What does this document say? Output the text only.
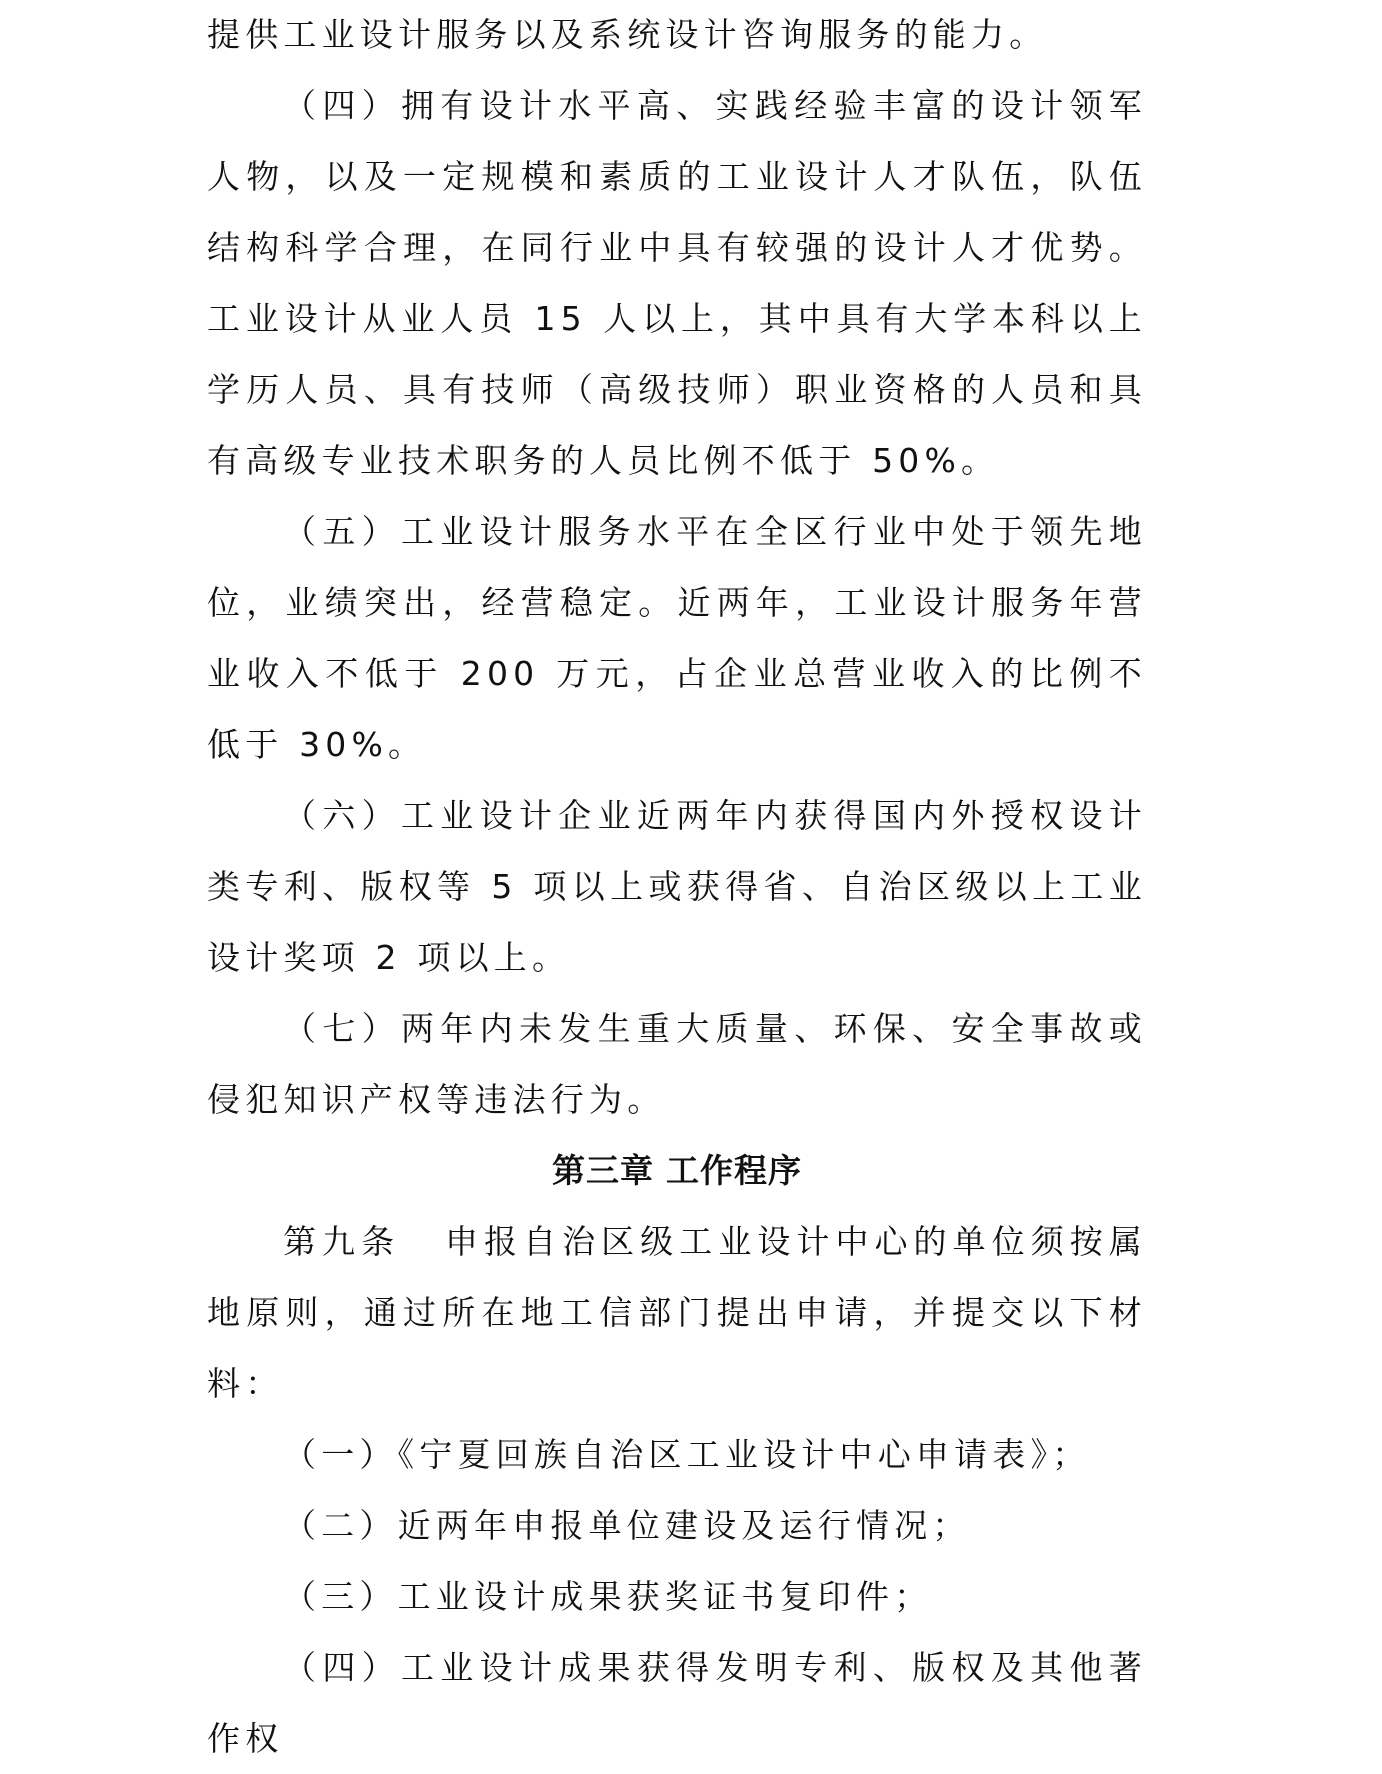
提供工业设计服务以及系统设计咨询服务的能力。

（四）拥有设计水平高、实践经验丰富的设计领军人物，以及一定规模和素质的工业设计人才队伍，队伍结构科学合理，在同行业中具有较强的设计人才优势。工业设计从业人员 15 人以上，其中具有大学本科以上学历人员、具有技师（高级技师）职业资格的人员和具有高级专业技术职务的人员比例不低于 50%。

（五）工业设计服务水平在全区行业中处于领先地位，业绩突出，经营稳定。近两年，工业设计服务年营业收入不低于 200 万元，占企业总营业收入的比例不低于 30%。

（六）工业设计企业近两年内获得国内外授权设计类专利、版权等 5 项以上或获得省、自治区级以上工业设计奖项 2 项以上。

（七）两年内未发生重大质量、环保、安全事故或侵犯知识产权等违法行为。

第三章 工作程序

第九条 申报自治区级工业设计中心的单位须按属地原则，通过所在地工信部门提出申请，并提交以下材料：

（一）《宁夏回族自治区工业设计中心申请表》；

（二）近两年申报单位建设及运行情况；

（三）工业设计成果获奖证书复印件；

（四）工业设计成果获得发明专利、版权及其他著作权
